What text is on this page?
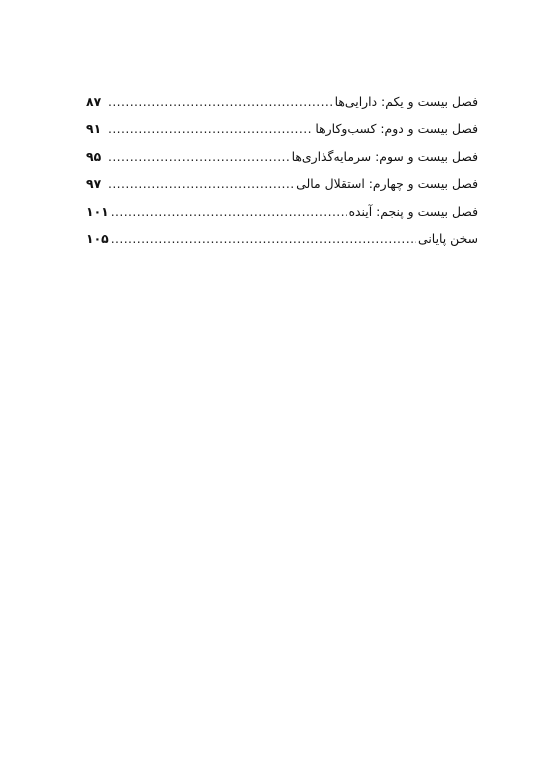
فصل بیست و یکم: دارایی‌ها
.....
۸۷
فصل بیست و دوم: کسب‌وکارها
.....
۹۱
فصل بیست و سوم: سرمایه‌گذاری‌ها
.....
۹۵
فصل بیست و چهارم: استقلال مالی
.....
۹۷
فصل بیست و پنجم: آینده
.....
۱۰۱
سخن پایانی
.....
۱۰۵
